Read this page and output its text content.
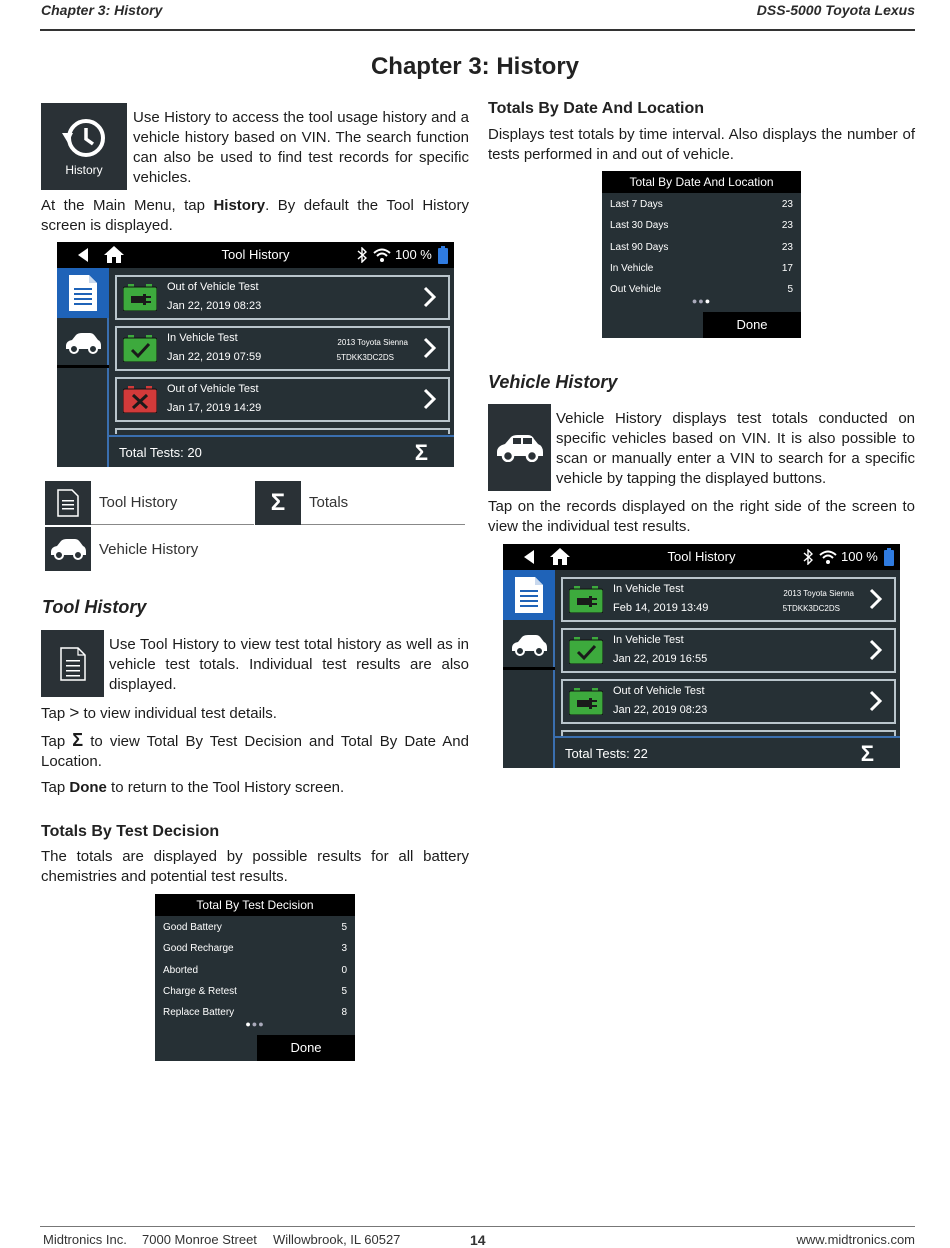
Chapter 3: History	DSS-5000 Toyota Lexus
Chapter 3: History
History
Use History to access the tool usage history and a vehicle history based on VIN. The search function can also be used to find test records for specific vehicles.
At the Main Menu, tap History. By default the Tool History screen is displayed.
Tool History	100 %
Out of Vehicle Test
Jan 22, 2019 08:23
In Vehicle Test
Jan 22, 2019 07:59
2013 Toyota Sienna
5TDKK3DC2DS
Out of Vehicle Test
Jan 17, 2019 14:29
Total Tests: 20	Σ
Tool History	Σ Totals
Vehicle History
Tool History
Use Tool History to view test total history as well as in vehicle test totals. Individual test results are also displayed.
Tap > to view individual test details.
Tap Σ to view Total By Test Decision and Total By Date And Location.
Tap Done to return to the Tool History screen.
Totals By Test Decision
The totals are displayed by possible results for all battery chemistries and potential test results.
Total By Test Decision
Good Battery	5
Good Recharge	3
Aborted	0
Charge & Retest	5
Replace Battery	8
●●●
Done
Totals By Date And Location
Displays test totals by time interval. Also displays the number of tests performed in and out of vehicle.
Total By Date And Location
Last 7 Days	23
Last 30 Days	23
Last 90 Days	23
In Vehicle	17
Out Vehicle	5
●●●
Done
Vehicle History
Vehicle History displays test totals conducted on specific vehicles based on VIN. It is also possible to scan or manually enter a VIN to search for a specific vehicle by tapping the displayed buttons.
Tap on the records displayed on the right side of the screen to view the individual test results.
Tool History	100 %
In Vehicle Test
Feb 14, 2019 13:49
2013 Toyota Sienna
5TDKK3DC2DS
In Vehicle Test
Jan 22, 2019 16:55
Out of Vehicle Test
Jan 22, 2019 08:23
Total Tests: 22	Σ
Midtronics Inc. 7000 Monroe Street Willowbrook, IL 60527	14	www.midtronics.com
